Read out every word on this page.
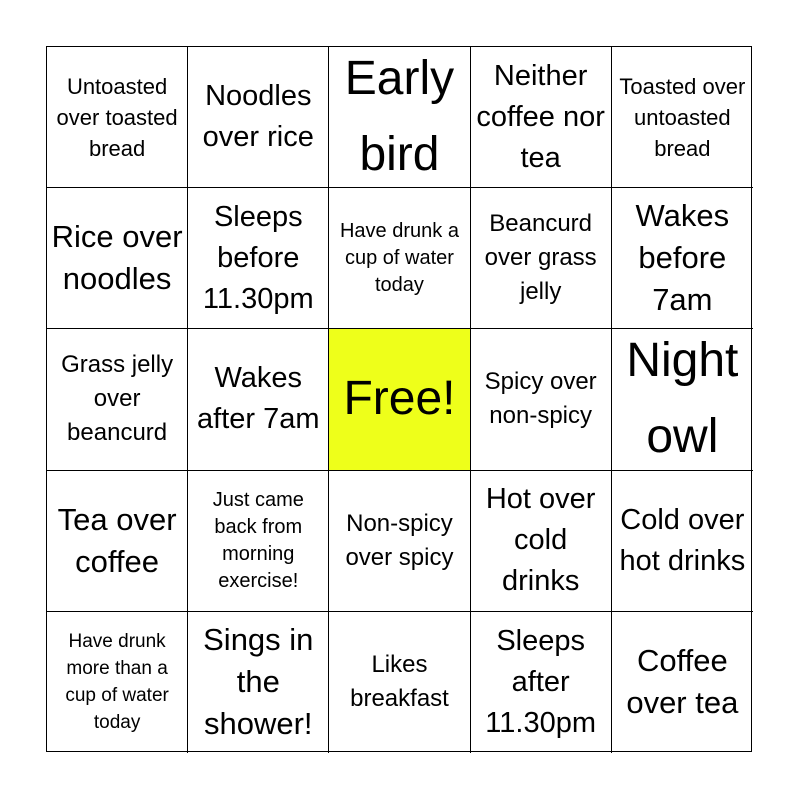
Untoasted over toasted bread
Noodles over rice
Early bird
Neither coffee nor tea
Toasted over untoasted bread
Rice over noodles
Sleeps before 11.30pm
Have drunk a cup of water today
Beancurd over grass jelly
Wakes before 7am
Grass jelly over beancurd
Wakes after 7am Free!	Spicy over non-spicy
Night owl
Tea over coffee
Just came back from morning exercise!
Non-spicy over spicy
Hot over cold drinks
Cold over hot drinks
Have drunk more than a cup of water today
Sings in the shower!
Likes breakfast
Sleeps after 11.30pm
Coffee over tea
